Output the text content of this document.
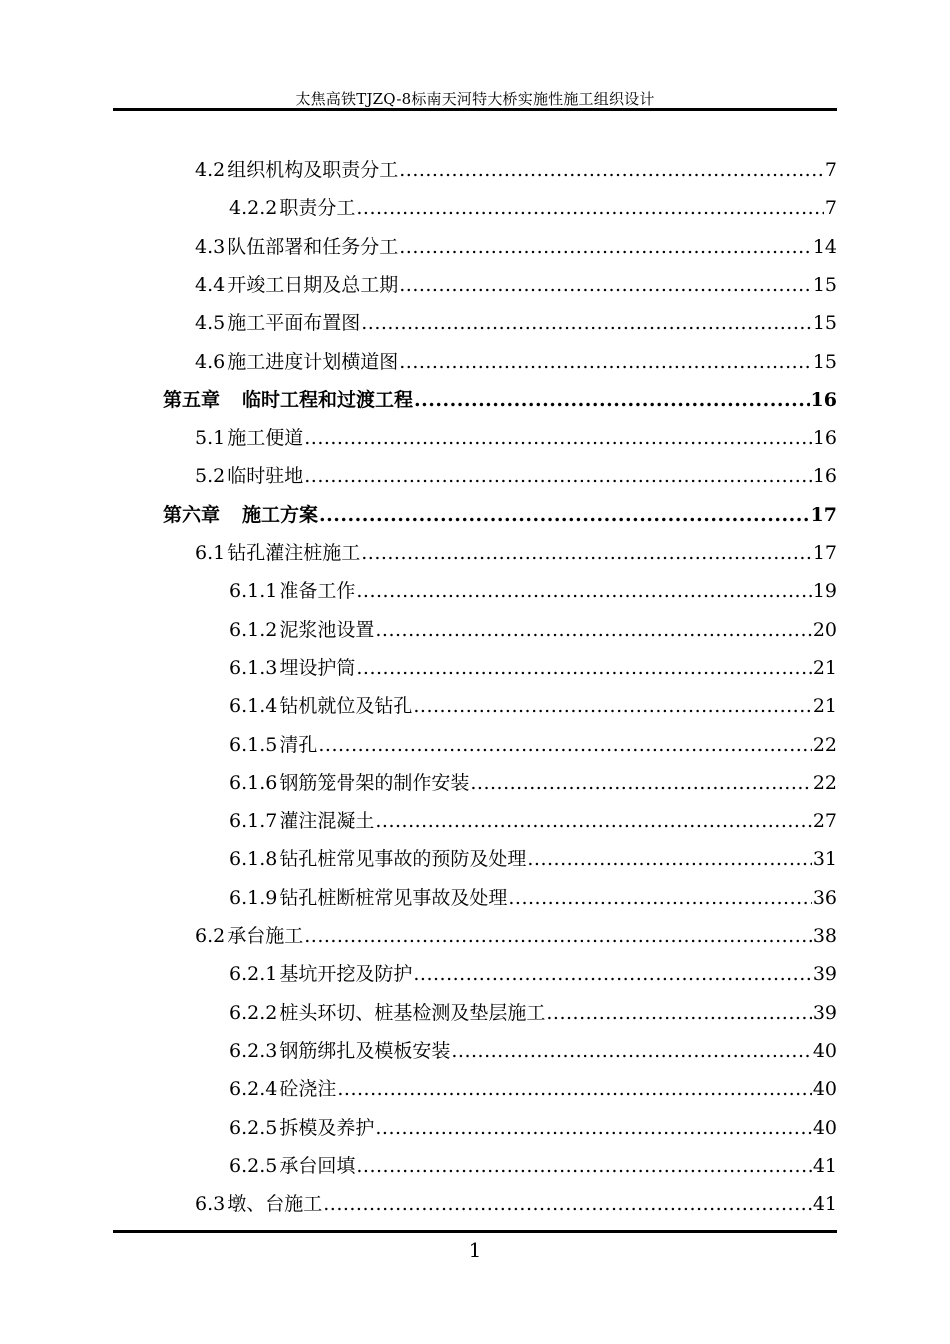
太焦高铁TJZQ-8标南天河特大桥实施性施工组织设计
4.2 组织机构及职责分工 .....	7
4.2.2 职责分工 .....	7
4.3 队伍部署和任务分工 .....	14
4.4 开竣工日期及总工期 .....	15
4.5 施工平面布置图 .....	15
4.6 施工进度计划横道图 .....	15
第五章 临时工程和过渡工程 .....	16
5.1 施工便道 .....	16
5.2 临时驻地 .....	16
第六章 施工方案 .....	17
6.1 钻孔灌注桩施工 .....	17
6.1.1 准备工作 .....	19
6.1.2 泥浆池设置 .....	20
6.1.3 埋设护筒 .....	21
6.1.4 钻机就位及钻孔 .....	21
6.1.5 清孔 .....	22
6.1.6 钢筋笼骨架的制作安装 .....	22
6.1.7 灌注混凝土 .....	27
6.1.8 钻孔桩常见事故的预防及处理 .....	31
6.1.9 钻孔桩断桩常见事故及处理 .....	36
6.2 承台施工 .....	38
6.2.1 基坑开挖及防护 .....	39
6.2.2 桩头环切、桩基检测及垫层施工 .....	39
6.2.3 钢筋绑扎及模板安装 .....	40
6.2.4 砼浇注 .....	40
6.2.5 拆模及养护 .....	40
6.2.5 承台回填 .....	41
6.3 墩、台施工 .....	41
1
